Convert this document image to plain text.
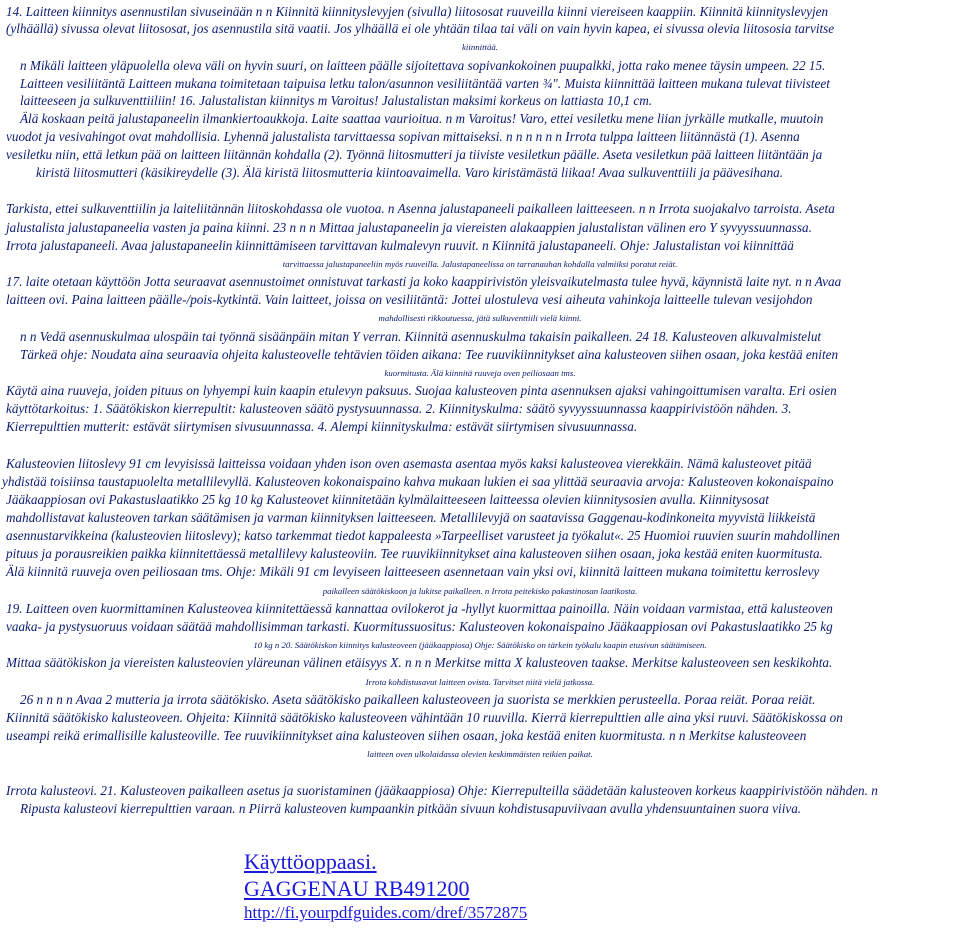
14. Laitteen kiinnitys asennustilan sivuseinään n n Kiinnitä kiinnityslevyjen (sivulla) liitososat ruuveilla kiinni viereiseen kaappiin. Kiinnitä kiinnityslevyjen
(ylhäällä) sivussa olevat liitososat, jos asennustila sitä vaatii. Jos ylhäällä ei ole yhtään tilaa tai väli on vain hyvin kapea, ei sivussa olevia liitososia tarvitse
kiinnittää.
n Mikäli laitteen yläpuolella oleva väli on hyvin suuri, on laitteen päälle sijoitettava sopivankokoinen puupalkki, jotta rako menee täysin umpeen. 22 15.
Laitteen vesiliitäntä Laitteen mukana toimitetaan taipuisa letku talon/asunnon vesiliitäntää varten ¾". Muista kiinnittää laitteen mukana tulevat tiivisteet
laitteeseen ja sulkuventtiiliin! 16. Jalustalistan kiinnitys m Varoitus! Jalustalistan maksimi korkeus on lattiasta 10,1 cm.
Älä koskaan peitä jalustapaneelin ilmankiertoaukkoja. Laite saattaa vaurioitua. n m Varoitus! Varo, ettei vesiletku mene liian jyrkälle mutkalle, muutoin
vuodot ja vesivahingot ovat mahdollisia. Lyhennä jalustalista tarvittaessa sopivan mittaiseksi. n n n n n n Irrota tulppa laitteen liitännästä (1). Asenna
vesiletku niin, että letkun pää on laitteen liitännän kohdalla (2). Työnnä liitosmutteri ja tiiviste vesiletkun päälle. Aseta vesiletkun pää laitteen liitäntään ja
kiristä liitosmutteri (käsikireydelle (3). Älä kiristä liitosmutteria kiintoavaimella. Varo kiristämästä liikaa! Avaa sulkuventtiili ja päävesihana.
Tarkista, ettei sulkuventtiilin ja laiteliitännän liitoskohdassa ole vuotoa. n Asenna jalustapaneeli paikalleen laitteeseen. n n Irrota suojakalvo tarroista. Aseta
jalustalista jalustapaneelia vasten ja paina kiinni. 23 n n n Mittaa jalustapaneelin ja viereisten alakaappien jalustalistan välinen ero Y syvyyssuunnassa.
Irrota jalustapaneeli. Avaa jalustapaneelin kiinnittämiseen tarvittavan kulmalevyn ruuvit. n Kiinnitä jalustapaneeli. Ohje: Jalustalistan voi kiinnittää
tarvittaessa jalustapaneeliin myös ruuveilla. Jalustapaneelissa on tarranauhan kohdalla valmiiksi poratut reiät.
17. laite otetaan käyttöön Jotta seuraavat asennustoimet onnistuvat tarkasti ja koko kaappirivistön yleisvaikutelmasta tulee hyvä, käynnistä laite nyt. n n Avaa
laitteen ovi. Paina laitteen päälle-/pois-kytkintä. Vain laitteet, joissa on vesiliitäntä: Jottei ulostuleva vesi aiheuta vahinkoja laitteelle tulevan vesijohdon
mahdollisesti rikkoutuessa, jätä sulkuventtiili vielä kiinni.
n n Vedä asennuskulmaa ulospäin tai työnnä sisäänpäin mitan Y verran. Kiinnitä asennuskulma takaisin paikalleen. 24 18. Kalusteoven alkuvalmistelut
Tärkeä ohje: Noudata aina seuraavia ohjeita kalusteovelle tehtävien töiden aikana: Tee ruuvikiinnitykset aina kalusteoven siihen osaan, joka kestää eniten
kuormitusta. Älä kiinnitä ruuveja oven peiliosaan tms.
Käytä aina ruuveja, joiden pituus on lyhyempi kuin kaapin etulevyn paksuus. Suojaa kalusteoven pinta asennuksen ajaksi vahingoittumisen varalta. Eri osien
käyttötarkoitus: 1. Säätökiskon kierrepultit: kalusteoven säätö pystysuunnassa. 2. Kiinnityskulma: säätö syvyyssuunnassa kaappirivistöön nähden. 3.
Kierrepulttien mutterit: estävät siirtymisen sivusuunnassa. 4. Alempi kiinnityskulma: estävät siirtymisen sivusuunnassa.
Kalusteovien liitoslevy 91 cm levyisissä laitteissa voidaan yhden ison oven asemasta asentaa myös kaksi kalusteovea vierekkäin. Nämä kalusteovet pitää
yhdistää toisiinsa taustapuolelta metallilevyllä. Kalusteoven kokonaispaino kahva mukaan lukien ei saa ylittää seuraavia arvoja: Kalusteoven kokonaispaino
Jääkaappiosan ovi Pakastuslaatikko 25 kg 10 kg Kalusteovet kiinnitetään kylmälaitteeseen laitteessa olevien kiinnitysosien avulla. Kiinnitysosat
mahdollistavat kalusteoven tarkan säätämisen ja varman kiinnityksen laitteeseen. Metallilevyjä on saatavissa Gaggenau-kodinkoneita myyvistä liikkeistä
asennustarvikkeina (kalusteovien liitoslevy); katso tarkemmat tiedot kappaleesta »Tarpeelliset varusteet ja työkalut«. 25 Huomioi ruuvien suurin mahdollinen
pituus ja porausreikien paikka kiinnitettäessä metallilevy kalusteoviin. Tee ruuvikiinnitykset aina kalusteoven siihen osaan, joka kestää eniten kuormitusta.
Älä kiinnitä ruuveja oven peiliosaan tms. Ohje: Mikäli 91 cm levyiseen laitteeseen asennetaan vain yksi ovi, kiinnitä laitteen mukana toimitettu kerroslevy
paikalleen säätökiskoon ja lukitse paikalleen. n Irrota peitekisko pakastinosan laatikosta.
19. Laitteen oven kuormittaminen Kalusteovea kiinnitettäessä kannattaa ovilokerot ja -hyllyt kuormittaa painoilla. Näin voidaan varmistaa, että kalusteoven
vaaka- ja pystysuoruus voidaan säätää mahdollisimman tarkasti. Kuormitussuositus: Kalusteoven kokonaispaino Jääkaappiosan ovi Pakastuslaatikko 25 kg
10 kg n 20. Säätökiskon kiinnitys kalusteoveen (jääkaappiosa) Ohje: Säätökisko on tärkein työkalu kaapin etusivun säätämiseen.
Mittaa säätökiskon ja viereisten kalusteovien yläreunan välinen etäisyys X. n n n Merkitse mitta X kalusteoven taakse. Merkitse kalusteoveen sen keskikohta.
Irrota kohdistusavut laitteen ovista. Tarvitset niitä vielä jatkossa.
26 n n n n Avaa 2 mutteria ja irrota säätökisko. Aseta säätökisko paikalleen kalusteoveen ja suorista se merkkien perusteella. Poraa reiät. Poraa reiät.
Kiinnitä säätökisko kalusteoveen. Ohjeita: Kiinnitä säätökisko kalusteoveen vähintään 10 ruuvilla. Kierrä kierrepulttien alle aina yksi ruuvi. Säätökiskossa on
useampi reikä erimallisille kalusteoville. Tee ruuvikiinnitykset aina kalusteoven siihen osaan, joka kestää eniten kuormitusta. n n Merkitse kalusteoveen
laitteen oven ulkolaidassa olevien keskimmäisten reikien paikat.
Irrota kalusteovi. 21. Kalusteoven paikalleen asetus ja suoristaminen (jääkaappiosa) Ohje: Kierrepulteilla säädetään kalusteoven korkeus kaappirivistöön nähden. n
Ripusta kalusteovi kierrepulttien varaan. n Piirrä kalusteoven kumpaankin pitkään sivuun kohdistusapuviivaan avulla yhdensuuntainen suora viiva.
Käyttöoppaasi.
GAGGENAU RB491200
http://fi.yourpdfguides.com/dref/3572875
